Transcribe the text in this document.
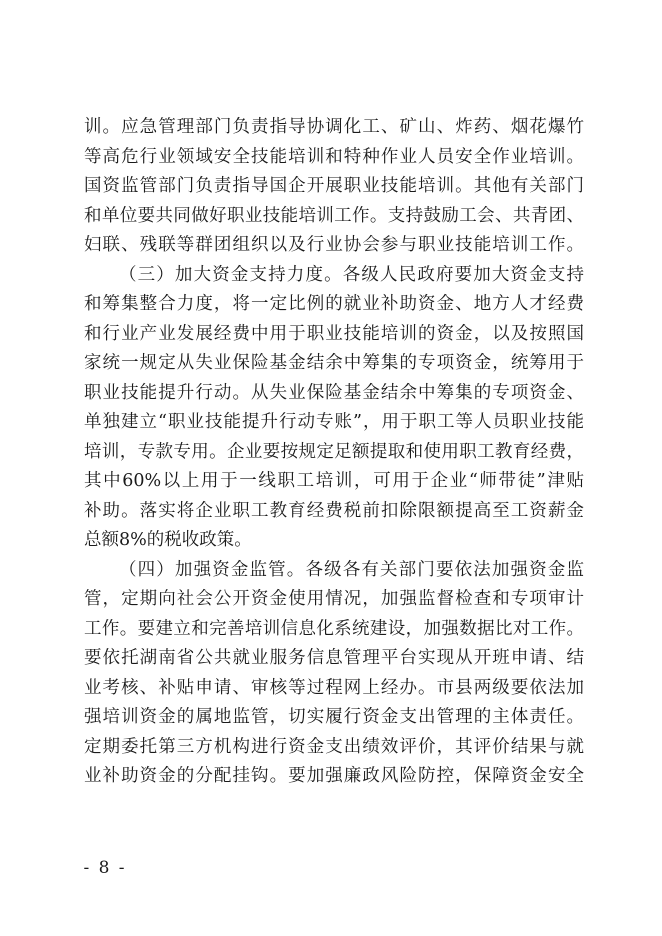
训。应急管理部门负责指导协调化工、矿山、炸药、烟花爆竹
等高危行业领域安全技能培训和特种作业人员安全作业培训。
国资监管部门负责指导国企开展职业技能培训。其他有关部门
和单位要共同做好职业技能培训工作。支持鼓励工会、共青团、
妇联、残联等群团组织以及行业协会参与职业技能培训工作。
（三）加大资金支持力度。各级人民政府要加大资金支持
和筹集整合力度，将一定比例的就业补助资金、地方人才经费
和行业产业发展经费中用于职业技能培训的资金，以及按照国
家统一规定从失业保险基金结余中筹集的专项资金，统筹用于
职业技能提升行动。从失业保险基金结余中筹集的专项资金、
单独建立“职业技能提升行动专账”，用于职工等人员职业技能
培训，专款专用。企业要按规定足额提取和使用职工教育经费，
其中60%以上用于一线职工培训，可用于企业“师带徒”津贴
补助。落实将企业职工教育经费税前扣除限额提高至工资薪金
总额8%的税收政策。
（四）加强资金监管。各级各有关部门要依法加强资金监
管，定期向社会公开资金使用情况，加强监督检查和专项审计
工作。要建立和完善培训信息化系统建设，加强数据比对工作。
要依托湖南省公共就业服务信息管理平台实现从开班申请、结
业考核、补贴申请、审核等过程网上经办。市县两级要依法加
强培训资金的属地监管，切实履行资金支出管理的主体责任。
定期委托第三方机构进行资金支出绩效评价，其评价结果与就
业补助资金的分配挂钩。要加强廉政风险防控，保障资金安全
- 8 -
